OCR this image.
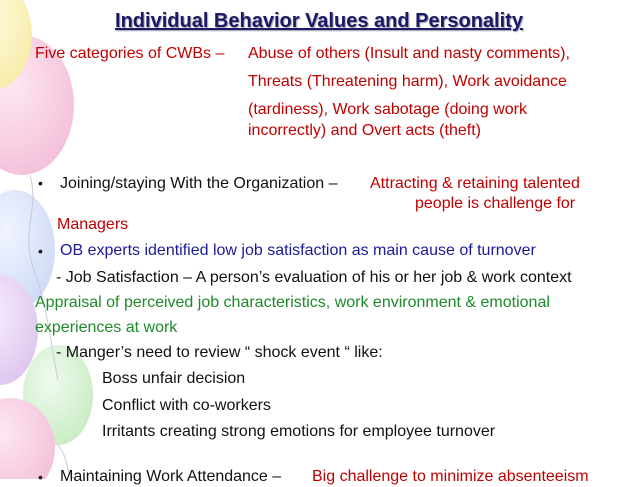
Individual Behavior Values and Personality
Five categories of CWBs – Abuse of others (Insult and nasty comments),
Threats (Threatening harm), Work avoidance
(tardiness), Work sabotage (doing work
incorrectly) and Overt acts (theft)
• Joining/staying With the Organization – Attracting & retaining talented
people is challenge for
Managers
• OB experts identified low job satisfaction as main cause of turnover
- Job Satisfaction – A person’s evaluation of his or her job & work context
Appraisal of perceived job characteristics, work environment & emotional
experiences at work
- Manger’s need to review “ shock event “ like:
Boss unfair decision
Conflict with co-workers
Irritants creating strong emotions for employee turnover
• Maintaining Work Attendance – Big challenge to minimize absenteeism
